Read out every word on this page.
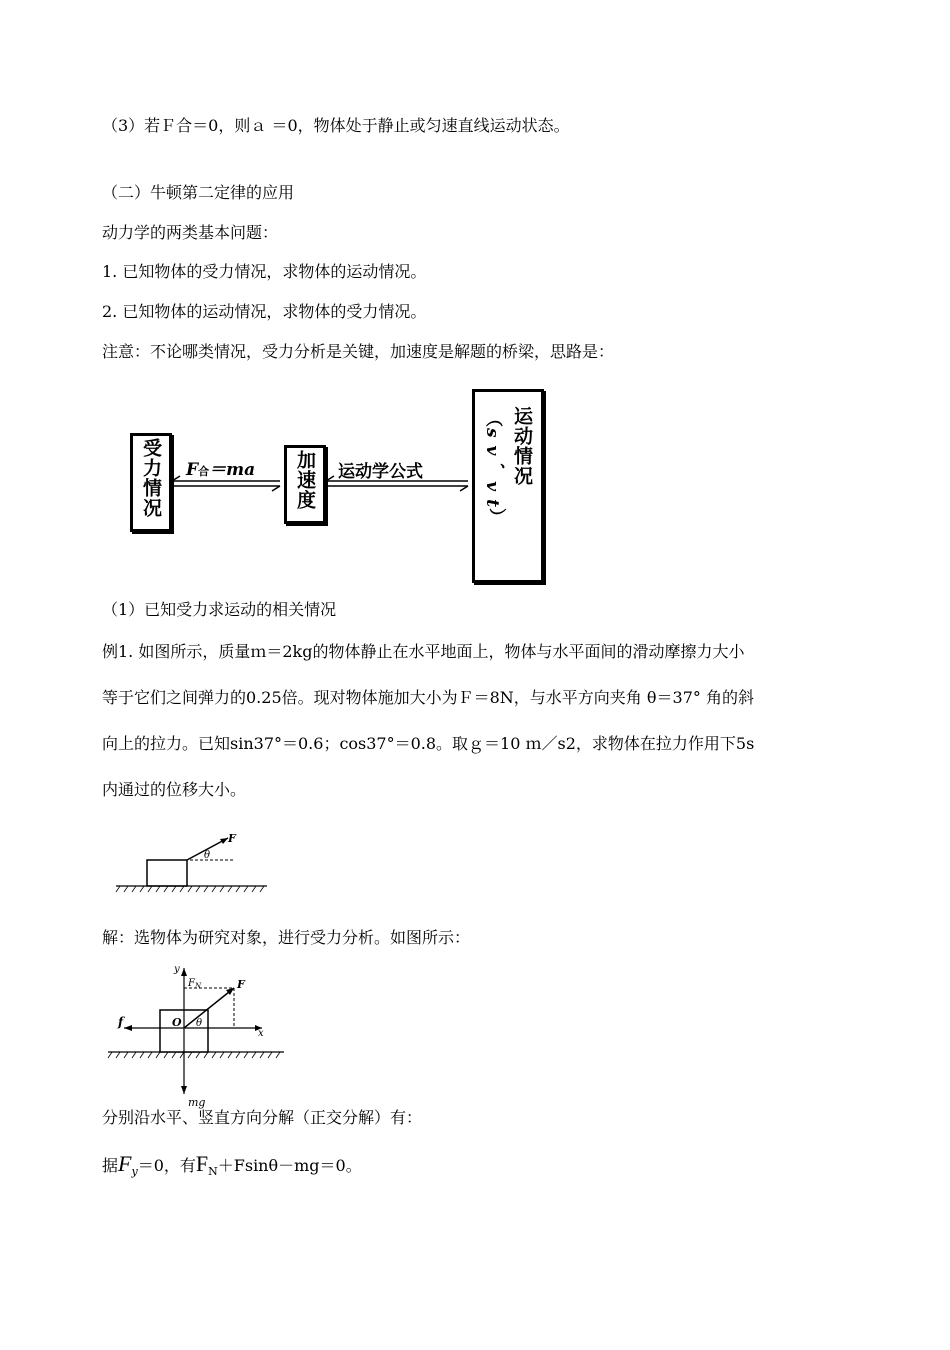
（3）若Ｆ合＝0，则ａ ＝0，物体处于静止或匀速直线运动状态。
（二）牛顿第二定律的应用
动力学的两类基本问题：
1. 已知物体的受力情况，求物体的运动情况。
2. 已知物体的运动情况，求物体的受力情况。
注意：不论哪类情况，受力分析是关键，加速度是解题的桥梁，思路是：
受力情况	加速度	运动情况
（s v 、v t）
F合＝ma	运动学公式
（1）已知受力求运动的相关情况
例1. 如图所示，质量ｍ＝2kg的物体静止在水平地面上，物体与水平面间的滑动摩擦力大小
等于它们之间弹力的0.25倍。现对物体施加大小为Ｆ＝8N，与水平方向夹角 θ＝37° 角的斜
向上的拉力。已知sin37°＝0.6；cos37°＝0.8。取ｇ＝10 ｍ／s2，求物体在拉力作用下5s
内通过的位移大小。
F
θ
解：选物体为研究对象，进行受力分析。如图所示：
y
$F_N$	F
f	O θ
x
mg
分别沿水平、竖直方向分解（正交分解）有：
据$F_y=0$，有$F_N+Fsin\theta-mg=0$。
